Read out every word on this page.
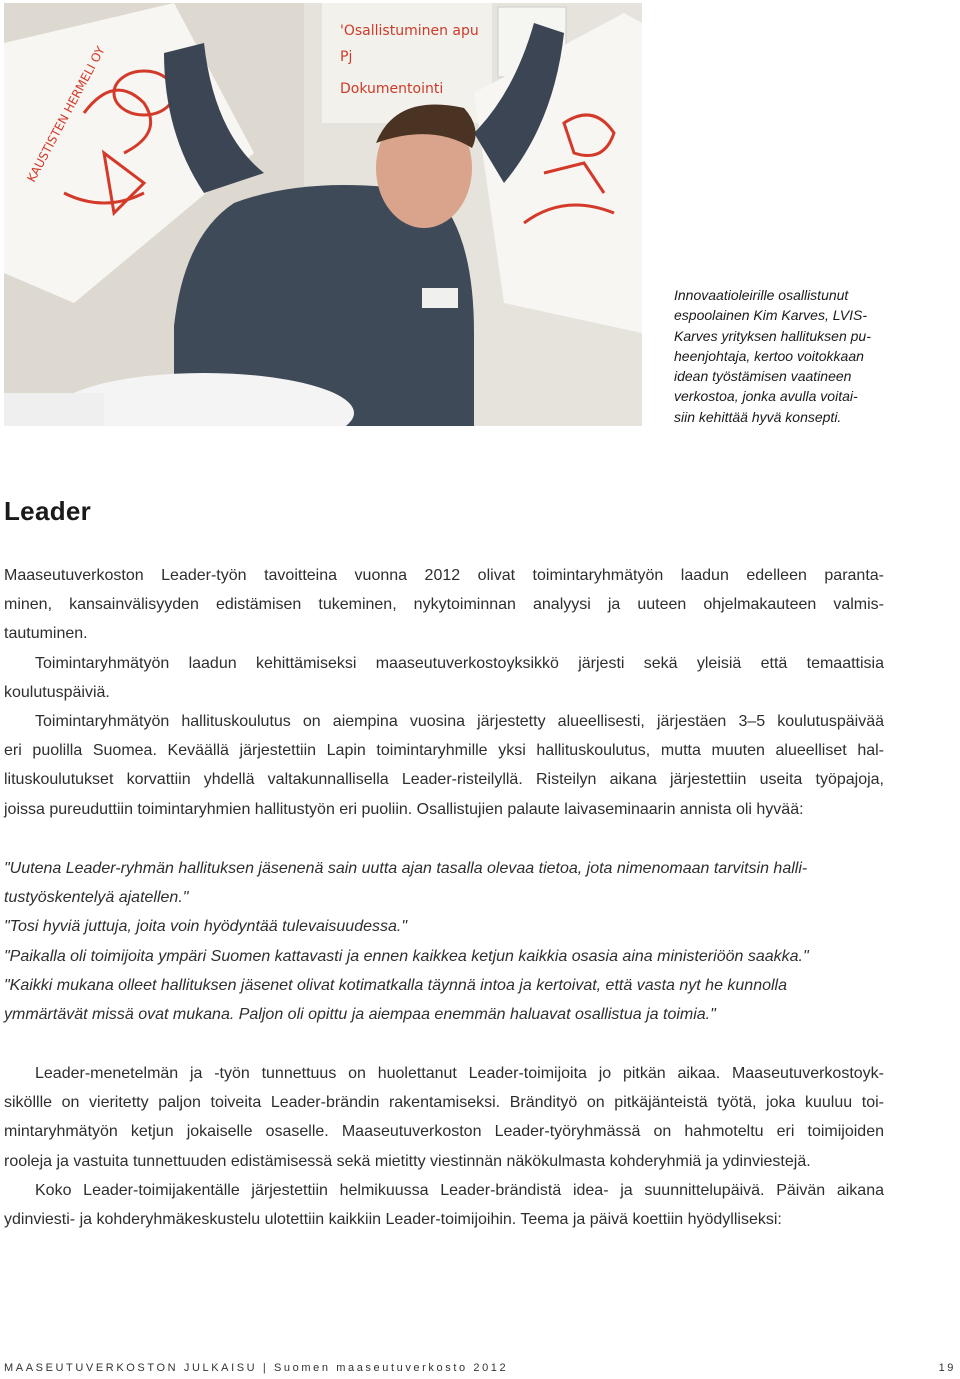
'Osallistuminen apu
Pj
Dokumentointi
KAUSTISTEN HERMELI OY
Innovaatioleirille osallistunut
espoolainen Kim Karves, LVIS-
Karves yrityksen hallituksen pu-
heenjohtaja, kertoo voitokkaan
idean työstämisen vaatineen
verkostoa, jonka avulla voitai-
siin kehittää hyvä konsepti.
Leader
Maaseutuverkoston Leader-työn tavoitteina vuonna 2012 olivat toimintaryhmätyön laadun edelleen paranta-
minen, kansainvälisyyden edistämisen tukeminen, nykytoiminnan analyysi ja uuteen ohjelmakauteen valmis-
tautuminen.
Toimintaryhmätyön laadun kehittämiseksi maaseutuverkostoyksikkö järjesti sekä yleisiä että temaattisia
koulutuspäiviä.
Toimintaryhmätyön hallituskoulutus on aiempina vuosina järjestetty alueellisesti, järjestäen 3–5 koulutuspäivää
eri puolilla Suomea. Keväällä järjestettiin Lapin toimintaryhmille yksi hallituskoulutus, mutta muuten alueelliset hal-
lituskoulutukset korvattiin yhdellä valtakunnallisella Leader-risteilyllä. Risteilyn aikana järjestettiin useita työpajoja,
joissa pureuduttiin toimintaryhmien hallitustyön eri puoliin. Osallistujien palaute laivaseminaarin annista oli hyvää:
"Uutena Leader-ryhmän hallituksen jäsenenä sain uutta ajan tasalla olevaa tietoa, jota nimenomaan tarvitsin halli-
tustyöskentelyä ajatellen."
"Tosi hyviä juttuja, joita voin hyödyntää tulevaisuudessa."
"Paikalla oli toimijoita ympäri Suomen kattavasti ja ennen kaikkea ketjun kaikkia osasia aina ministeriöön saakka."
"Kaikki mukana olleet hallituksen jäsenet olivat kotimatkalla täynnä intoa ja kertoivat, että vasta nyt he kunnolla
ymmärtävät missä ovat mukana. Paljon oli opittu ja aiempaa enemmän haluavat osallistua ja toimia."
Leader-menetelmän ja -työn tunnettuus on huolettanut Leader-toimijoita jo pitkän aikaa. Maaseutuverkostoyk-
siköllle on vieritetty paljon toiveita Leader-brändin rakentamiseksi. Brändityö on pitkäjänteistä työtä, joka kuuluu toi-
mintaryhmätyön ketjun jokaiselle osaselle. Maaseutuverkoston Leader-työryhmässä on hahmoteltu eri toimijoiden
rooleja ja vastuita tunnettuuden edistämisessä sekä mietitty viestinnän näkökulmasta kohderyhmiä ja ydinviestejä.
Koko Leader-toimijakentälle järjestettiin helmikuussa Leader-brändistä idea- ja suunnittelupäivä. Päivän aikana
ydinviesti- ja kohderyhmäkeskustelu ulotettiin kaikkiin Leader-toimijoihin. Teema ja päivä koettiin hyödylliseksi:
MAASEUTUVERKOSTON JULKAISU | Suomen maaseutuverkosto 2012	19
